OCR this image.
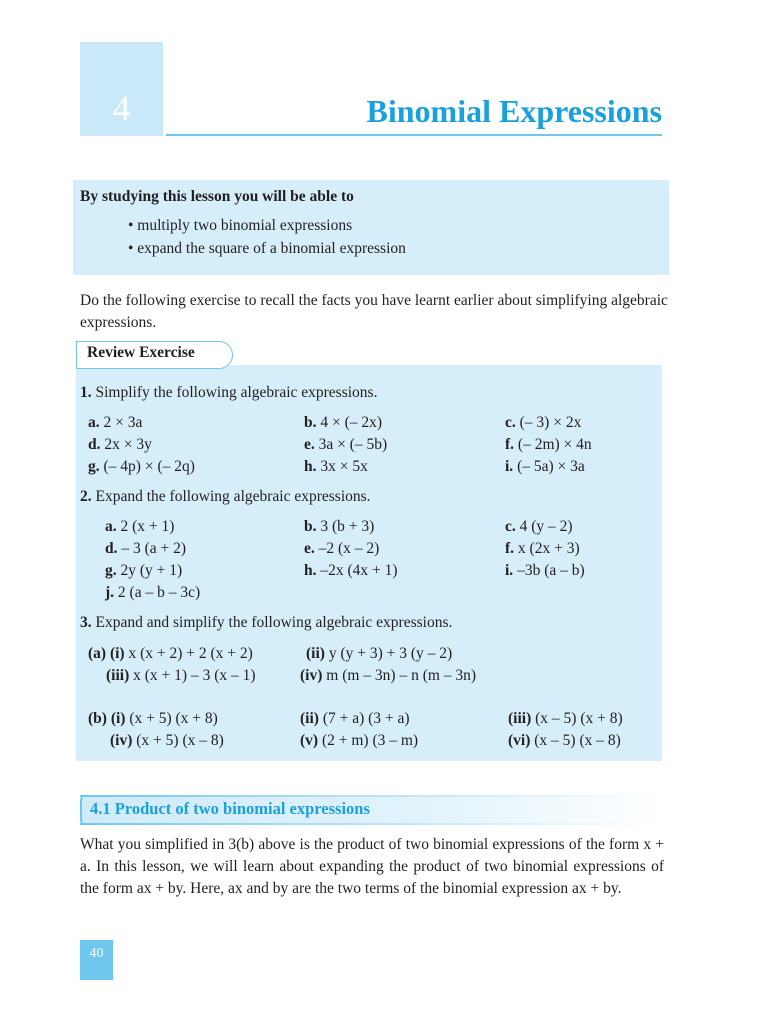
4	Binomial Expressions
By studying this lesson you will be able to
• multiply two binomial expressions
• expand the square of a binomial expression
Do the following exercise to recall the facts you have learnt earlier about simplifying algebraic expressions.
Review Exercise
1. Simplify the following algebraic expressions.
2. Expand the following algebraic expressions.
3. Expand and simplify the following algebraic expressions.
4.1 Product of two binomial expressions
What you simplified in 3(b) above is the product of two binomial expressions of the form x + a. In this lesson, we will learn about expanding the product of two binomial expressions of the form ax + by. Here, ax and by are the two terms of the binomial expression ax + by.
40
a. 2 × 3a	b. 4 × (– 2x)	c. (– 3) × 2x
d. 2x × 3y	e. 3a × (– 5b)	f. (– 2m) × 4n
g. (– 4p) × (– 2q)	h. 3x × 5x	i. (– 5a) × 3a
a. 2 (x + 1)	b. 3 (b + 3)	c. 4 (y – 2)
d. – 3 (a + 2)	e. –2 (x – 2)	f. x (2x + 3)
g. 2y (y + 1)	h. –2x (4x + 1)	i. –3b (a – b)
j. 2 (a – b – 3c)
(a) (i) x (x + 2) + 2 (x + 2)	(ii) y (y + 3) + 3 (y – 2)
(iii) x (x + 1) – 3 (x – 1)	(iv) m (m – 3n) – n (m – 3n)
(b) (i) (x + 5) (x + 8)	(ii) (7 + a) (3 + a)	(iii) (x – 5) (x + 8)
(iv) (x + 5) (x – 8)	(v) (2 + m) (3 – m)	(vi) (x – 5) (x – 8)
